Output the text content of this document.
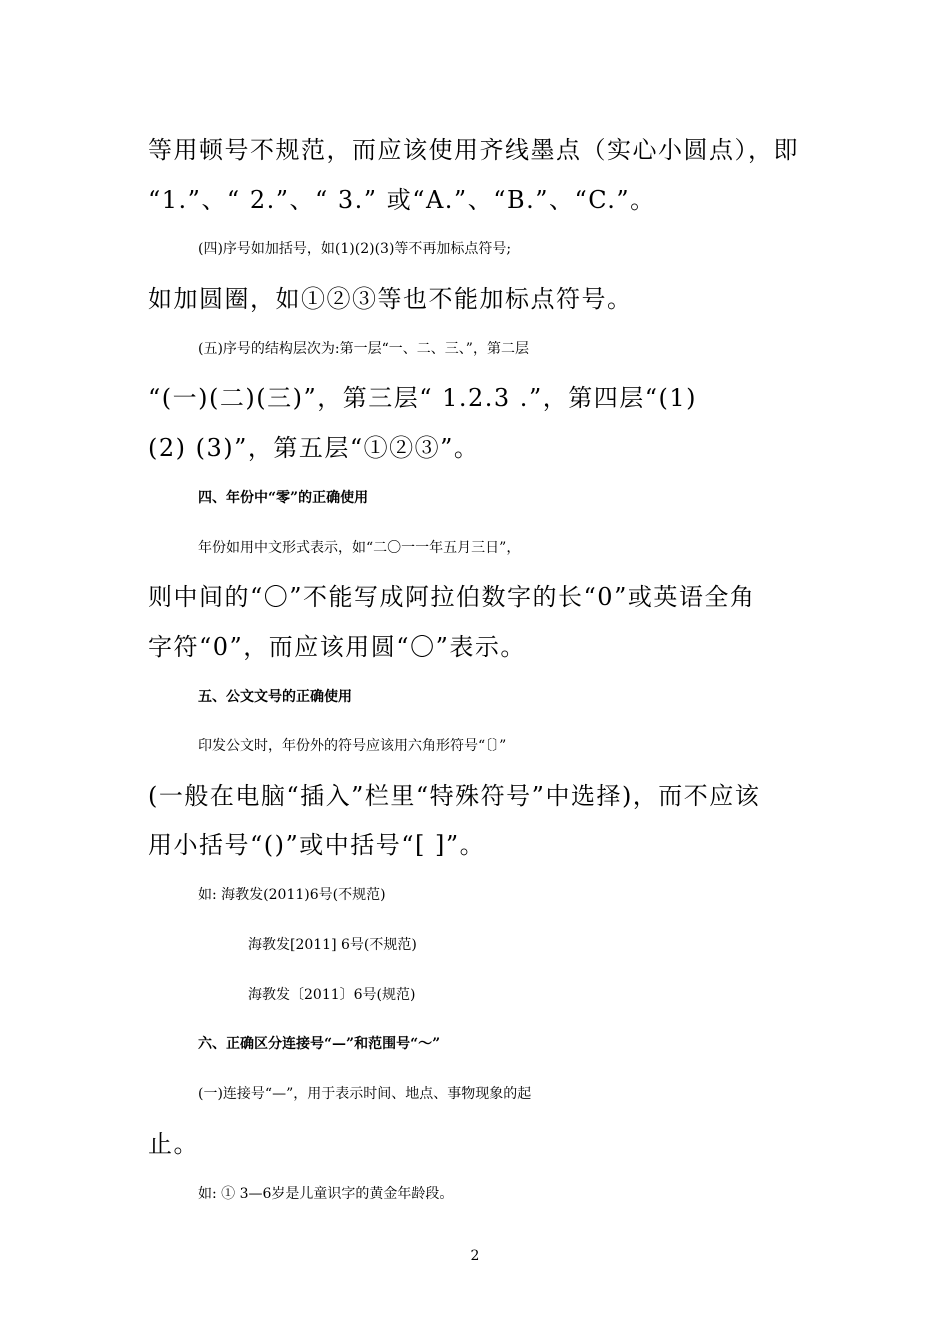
等用顿号不规范，而应该使用齐线墨点（实心小圆点），即
“1.”、“ 2.”、“ 3.” 或“A.”、“B.”、“C.”。
(四)序号如加括号，如(1)(2)(3)等不再加标点符号;
如加圆圈，如①②③等也不能加标点符号。
(五)序号的结构层次为:第一层“一、二、三、”，第二层
“(一)(二)(三)”，第三层“ 1.2.3 .”，第四层“(1)
(2) (3)”，第五层“①②③”。
四、年份中“零”的正确使用
年份如用中文形式表示，如“二〇一一年五月三日”，
则中间的“〇”不能写成阿拉伯数字的长“0”或英语全角
字符“0”，而应该用圆“〇”表示。
五、公文文号的正确使用
印发公文时，年份外的符号应该用六角形符号“〔〕”
(一般在电脑“插入”栏里“特殊符号”中选择)，而不应该
用小括号“()”或中括号“[ ]”。
如: 海教发(2011)6号(不规范)
海教发[2011] 6号(不规范)
海教发〔2011〕6号(规范)
六、正确区分连接号“—”和范围号“～”
(一)连接号“—”，用于表示时间、地点、事物现象的起
止。
如: ① 3—6岁是儿童识字的黄金年龄段。
2
